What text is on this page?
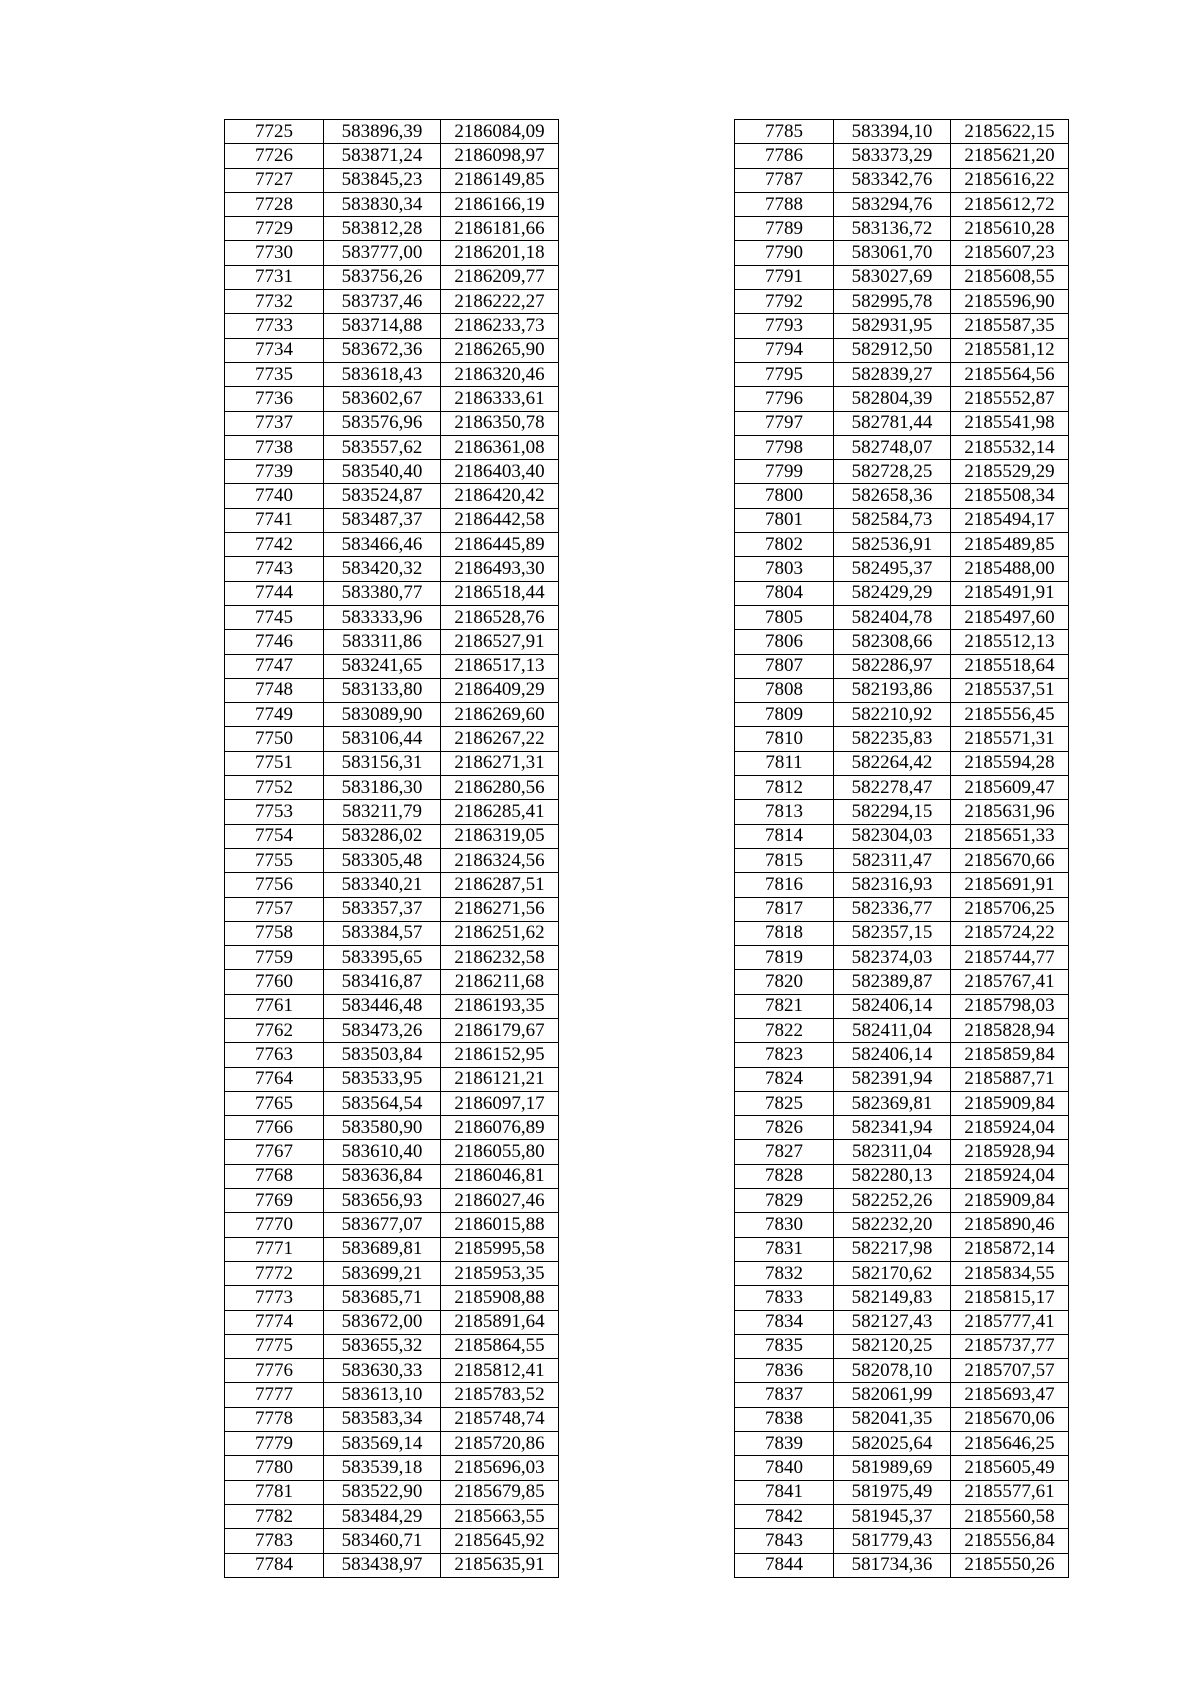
7725	583896,39	2186084,09
7726	583871,24	2186098,97
7727	583845,23	2186149,85
7728	583830,34	2186166,19
7729	583812,28	2186181,66
7730	583777,00	2186201,18
7731	583756,26	2186209,77
7732	583737,46	2186222,27
7733	583714,88	2186233,73
7734	583672,36	2186265,90
7735	583618,43	2186320,46
7736	583602,67	2186333,61
7737	583576,96	2186350,78
7738	583557,62	2186361,08
7739	583540,40	2186403,40
7740	583524,87	2186420,42
7741	583487,37	2186442,58
7742	583466,46	2186445,89
7743	583420,32	2186493,30
7744	583380,77	2186518,44
7745	583333,96	2186528,76
7746	583311,86	2186527,91
7747	583241,65	2186517,13
7748	583133,80	2186409,29
7749	583089,90	2186269,60
7750	583106,44	2186267,22
7751	583156,31	2186271,31
7752	583186,30	2186280,56
7753	583211,79	2186285,41
7754	583286,02	2186319,05
7755	583305,48	2186324,56
7756	583340,21	2186287,51
7757	583357,37	2186271,56
7758	583384,57	2186251,62
7759	583395,65	2186232,58
7760	583416,87	2186211,68
7761	583446,48	2186193,35
7762	583473,26	2186179,67
7763	583503,84	2186152,95
7764	583533,95	2186121,21
7765	583564,54	2186097,17
7766	583580,90	2186076,89
7767	583610,40	2186055,80
7768	583636,84	2186046,81
7769	583656,93	2186027,46
7770	583677,07	2186015,88
7771	583689,81	2185995,58
7772	583699,21	2185953,35
7773	583685,71	2185908,88
7774	583672,00	2185891,64
7775	583655,32	2185864,55
7776	583630,33	2185812,41
7777	583613,10	2185783,52
7778	583583,34	2185748,74
7779	583569,14	2185720,86
7780	583539,18	2185696,03
7781	583522,90	2185679,85
7782	583484,29	2185663,55
7783	583460,71	2185645,92
7784	583438,97	2185635,91
7785	583394,10	2185622,15
7786	583373,29	2185621,20
7787	583342,76	2185616,22
7788	583294,76	2185612,72
7789	583136,72	2185610,28
7790	583061,70	2185607,23
7791	583027,69	2185608,55
7792	582995,78	2185596,90
7793	582931,95	2185587,35
7794	582912,50	2185581,12
7795	582839,27	2185564,56
7796	582804,39	2185552,87
7797	582781,44	2185541,98
7798	582748,07	2185532,14
7799	582728,25	2185529,29
7800	582658,36	2185508,34
7801	582584,73	2185494,17
7802	582536,91	2185489,85
7803	582495,37	2185488,00
7804	582429,29	2185491,91
7805	582404,78	2185497,60
7806	582308,66	2185512,13
7807	582286,97	2185518,64
7808	582193,86	2185537,51
7809	582210,92	2185556,45
7810	582235,83	2185571,31
7811	582264,42	2185594,28
7812	582278,47	2185609,47
7813	582294,15	2185631,96
7814	582304,03	2185651,33
7815	582311,47	2185670,66
7816	582316,93	2185691,91
7817	582336,77	2185706,25
7818	582357,15	2185724,22
7819	582374,03	2185744,77
7820	582389,87	2185767,41
7821	582406,14	2185798,03
7822	582411,04	2185828,94
7823	582406,14	2185859,84
7824	582391,94	2185887,71
7825	582369,81	2185909,84
7826	582341,94	2185924,04
7827	582311,04	2185928,94
7828	582280,13	2185924,04
7829	582252,26	2185909,84
7830	582232,20	2185890,46
7831	582217,98	2185872,14
7832	582170,62	2185834,55
7833	582149,83	2185815,17
7834	582127,43	2185777,41
7835	582120,25	2185737,77
7836	582078,10	2185707,57
7837	582061,99	2185693,47
7838	582041,35	2185670,06
7839	582025,64	2185646,25
7840	581989,69	2185605,49
7841	581975,49	2185577,61
7842	581945,37	2185560,58
7843	581779,43	2185556,84
7844	581734,36	2185550,26
